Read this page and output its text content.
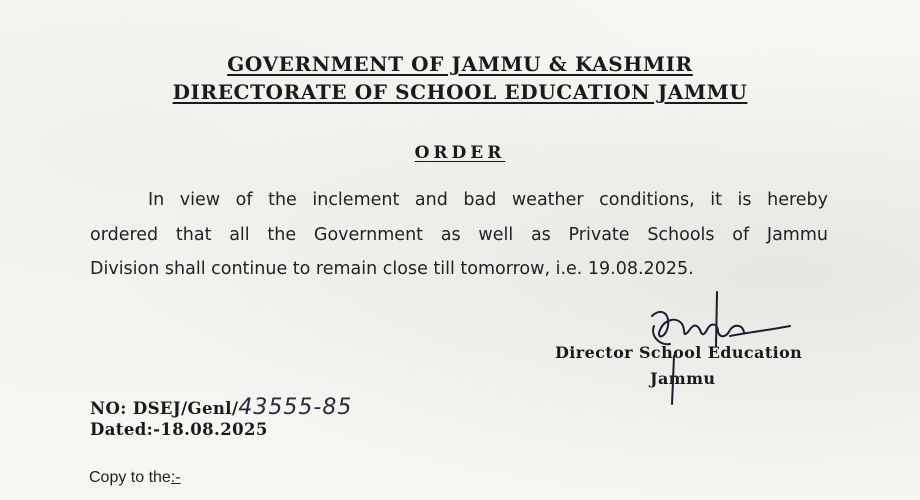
GOVERNMENT OF JAMMU & KASHMIR
DIRECTORATE OF SCHOOL EDUCATION JAMMU
ORDER
In view of the inclement and bad weather conditions, it is hereby
ordered that all the Government as well as Private Schools of Jammu
Division shall continue to remain close till tomorrow, i.e. 19.08.2025.
Director School Education
Jammu
NO: DSEJ/Genl/43555-85
Dated:-18.08.2025
Copy to the:-
